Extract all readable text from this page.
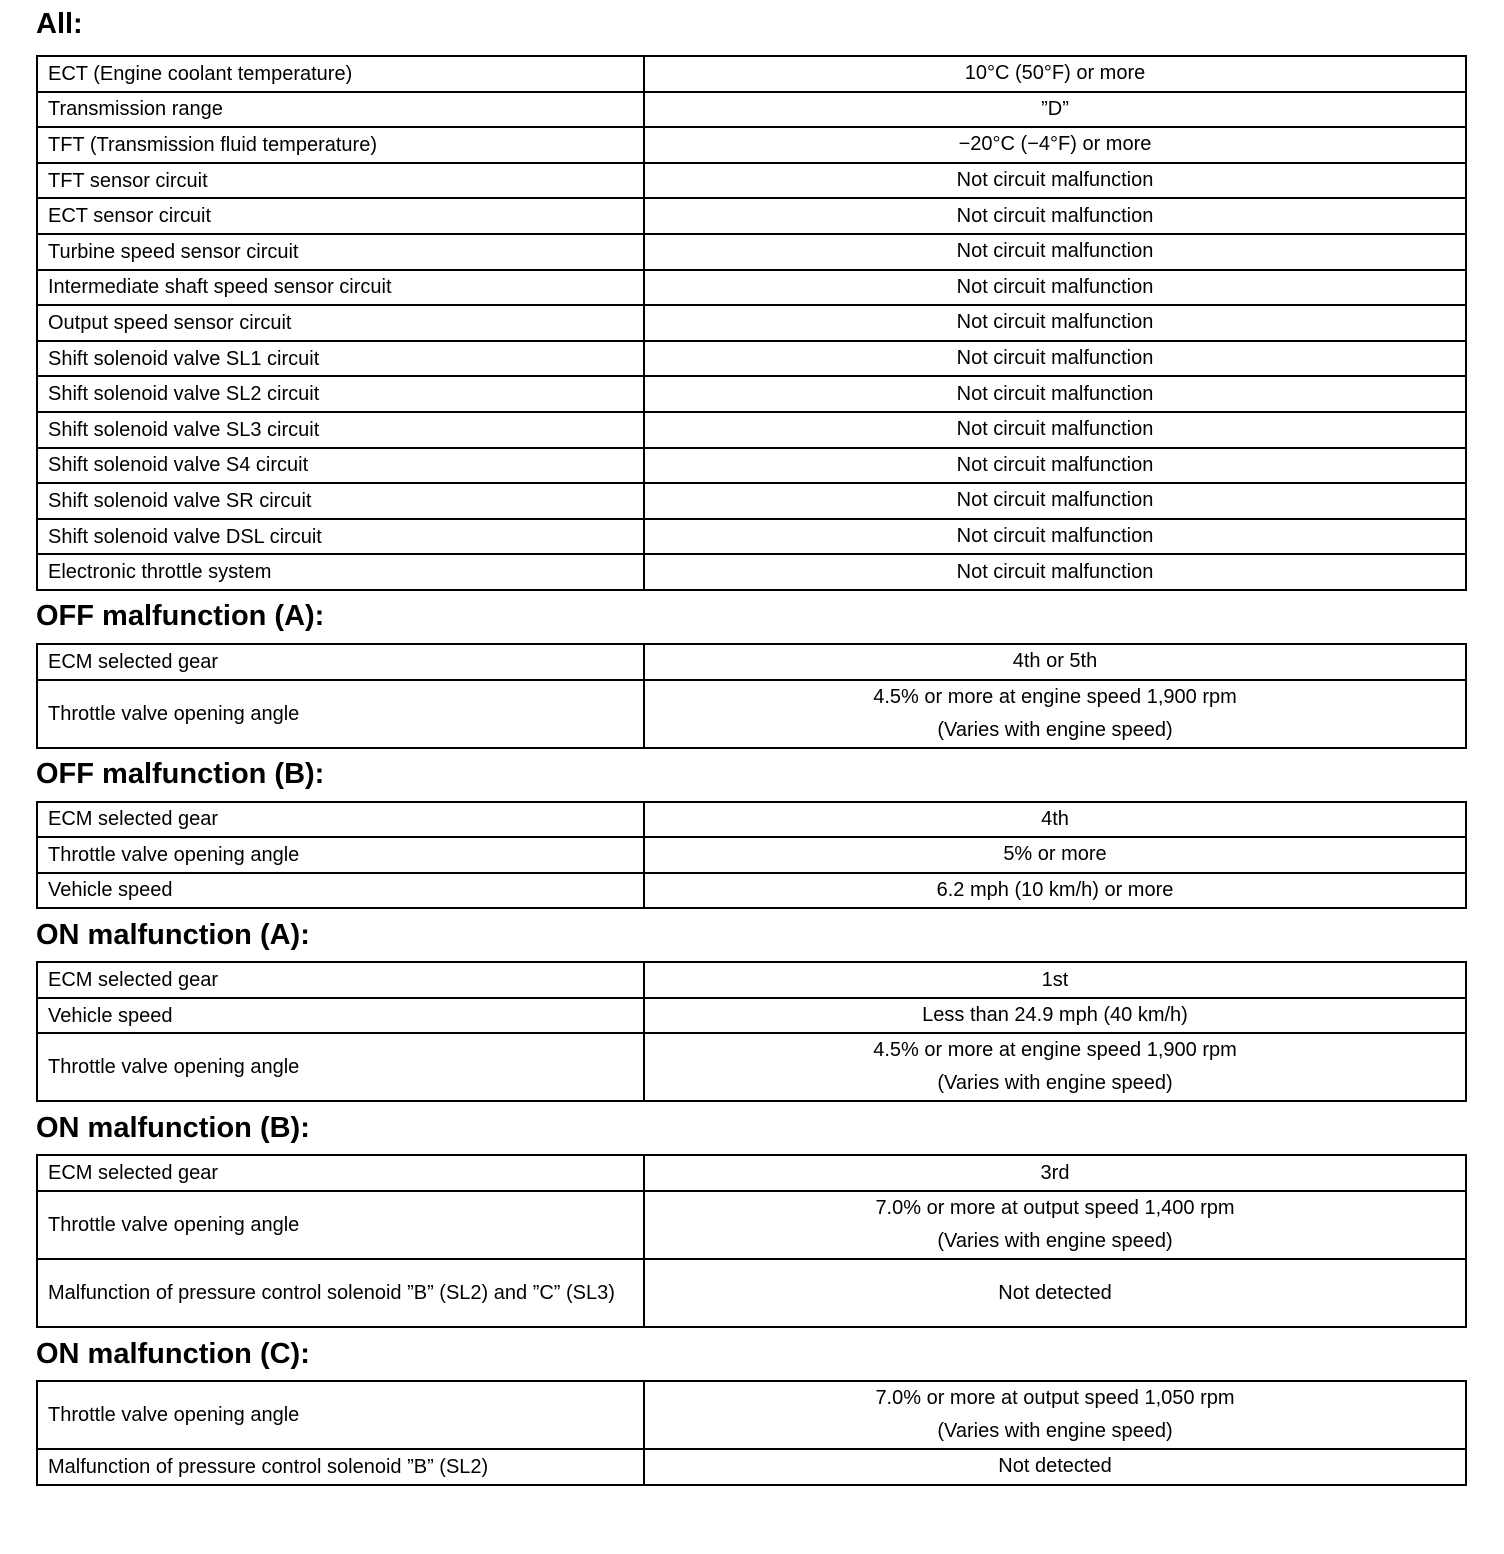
All:
ECT (Engine coolant temperature)	10°C (50°F) or more

Transmission range	”D”

TFT (Transmission fluid temperature)	−20°C (−4°F) or more

TFT sensor circuit	Not circuit malfunction

ECT sensor circuit	Not circuit malfunction

Turbine speed sensor circuit	Not circuit malfunction

Intermediate shaft speed sensor circuit	Not circuit malfunction

Output speed sensor circuit	Not circuit malfunction

Shift solenoid valve SL1 circuit	Not circuit malfunction

Shift solenoid valve SL2 circuit	Not circuit malfunction

Shift solenoid valve SL3 circuit	Not circuit malfunction

Shift solenoid valve S4 circuit	Not circuit malfunction

Shift solenoid valve SR circuit	Not circuit malfunction

Shift solenoid valve DSL circuit	Not circuit malfunction

Electronic throttle system	Not circuit malfunction
OFF malfunction (A):
ECM selected gear	4th or 5th

Throttle valve opening angle	4.5% or more at engine speed 1,900 rpm
(Varies with engine speed)
OFF malfunction (B):
ECM selected gear	4th

Throttle valve opening angle	5% or more

Vehicle speed	6.2 mph (10 km/h) or more
ON malfunction (A):
ECM selected gear	1st

Vehicle speed	Less than 24.9 mph (40 km/h)

Throttle valve opening angle	4.5% or more at engine speed 1,900 rpm
(Varies with engine speed)
ON malfunction (B):
ECM selected gear	3rd

Throttle valve opening angle	7.0% or more at output speed 1,400 rpm
(Varies with engine speed)

Malfunction of pressure control solenoid ”B” (SL2) and ”C” (SL3)	Not detected
ON malfunction (C):
Throttle valve opening angle	7.0% or more at output speed 1,050 rpm
(Varies with engine speed)

Malfunction of pressure control solenoid ”B” (SL2)	Not detected
